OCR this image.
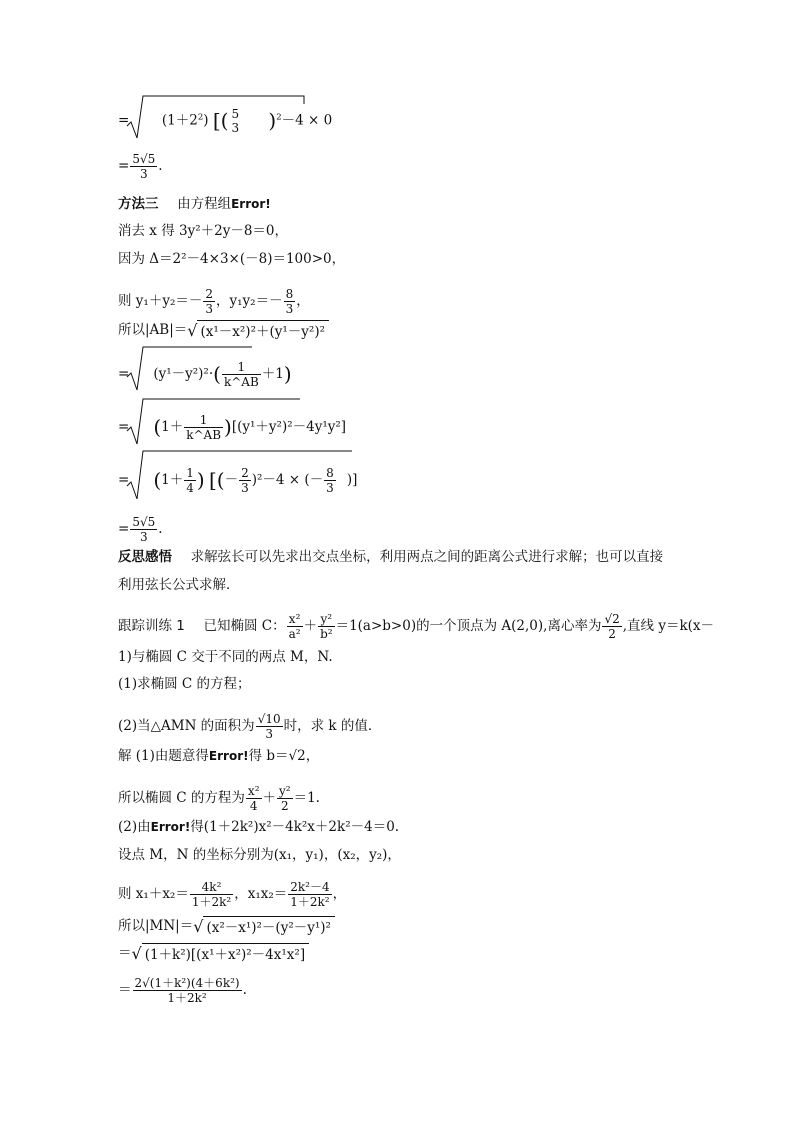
= $(1+2^2)$ [( 5
3 )$^2$－4 × 0
= $\frac{5√5}{3}$ .
方法三 由方程组Error!
消去 x 得 3y²＋2y－8＝0，
因为 Δ＝2²－4×3×(－8)＝100>0，
则 $y_1+y_2=- \frac{2}{3}$ ，$y_1y_2=- \frac{8}{3}$ ，
所以|AB|＝√ (x¹－x²)²＋(y¹－y²)²
= $(y^1-y^2)^2\cdot( \frac{1}{k\^{}AB} +1)$
= $(1+ \frac{1}{k\^{}AB} )[(y^1+y^2)^2-4y^1y^2]$
= ($1+ \frac{1}{4}$ ) [(－ $\frac{2}{3} )^2-4$ × (－ $\frac{8}{3}$ )]
= $\frac{5√5}{3}$ .
反思感悟 求解弦长可以先求出交点坐标，利用两点之间的距离公式进行求解；也可以直接
利用弦长公式求解．
跟踪训练 1 已知椭圆 C： $\frac{\text{x²}}{\text{a²}} + \frac{\text{y²}}{\text{b²}} =1(a>b>0)$的一个顶点为 A(2,0),离心率为 $\frac{√2}{2}$ ,直线 y＝k(x－
1)与椭圆 C 交于不同的两点 M，N.
(1)求椭圆 C 的方程；
(2)当△AMN 的面积为 $\frac{√10}{3}$ 时，求 k 的值．
解 (1)由题意得Error!得 b＝√2，
所以椭圆 C 的方程为 $\frac{\text{x²}}{4} + \frac{\text{y²}}{2} =1$.
(2)由Error!得(1＋2k²)x²－4k²x＋2k²－4＝0.
设点 M，N 的坐标分别为(x₁，y₁)，(x₂，y₂)，
则 $x_1+x_2= \frac{\text{4k²}}{\text{1＋2k²}}$ ，$x_1x_2= \frac{\text{2k²－4}}{\text{1＋2k²}}$ ，
所以|MN|＝√ (x²－x¹)²－(y²－y¹)²
＝√ (1＋k²)[(x¹＋x²)²－4x¹x²]
＝ $\frac{\text{2√(1＋k²)(4＋6k²)}}{\text{1＋2k²}}$ .
